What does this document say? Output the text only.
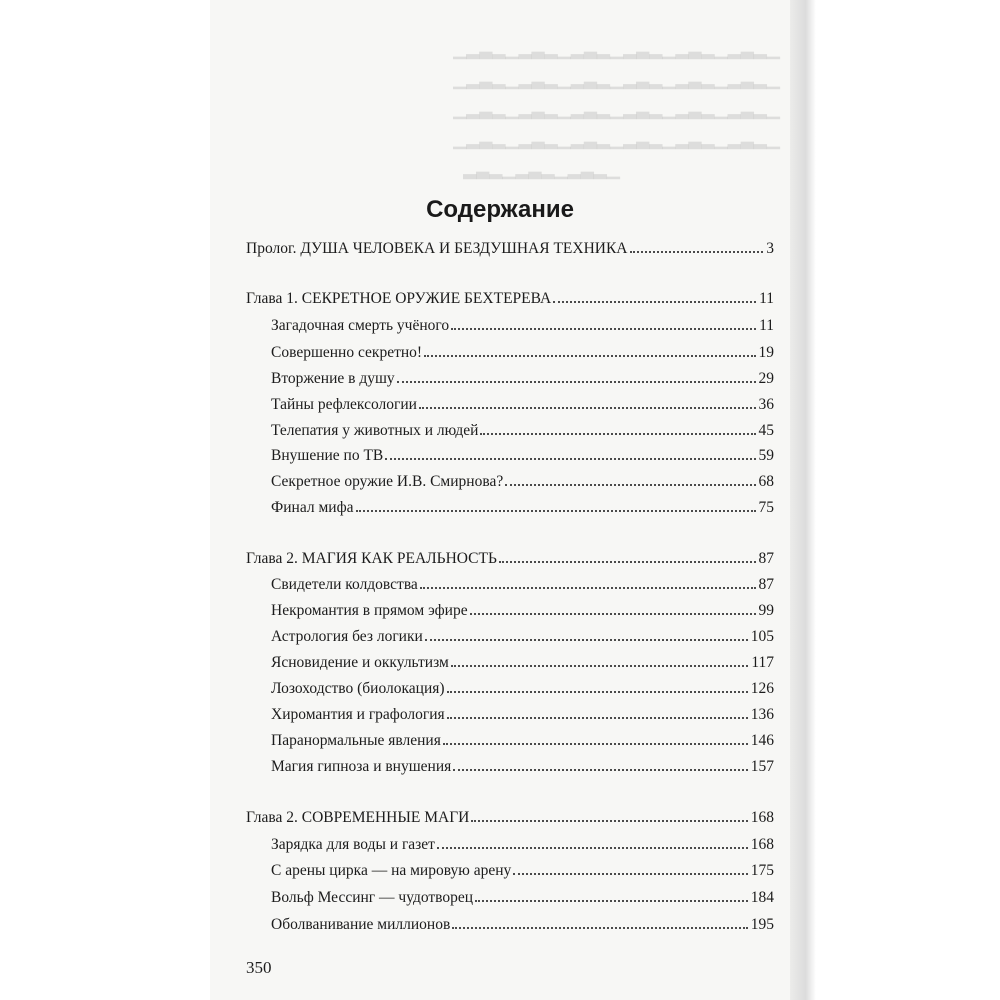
▁▂▃▂▁▂▃▂▁▂▃▂▁▂▃▂▁▂▃▂▁▂▃▂▁
▁▂▃▂▁▂▃▂▁▂▃▂▁▂▃▂▁▂▃▂▁▂▃▂▁
▁▂▃▂▁▂▃▂▁▂▃▂▁▂▃▂▁▂▃▂▁▂▃▂▁
▁▂▃▂▁▂▃▂▁▂▃▂▁▂▃▂▁▂▃▂▁▂▃▂▁
▁▂▃▂▁▂▃▂▁▂▃▂
Содержание
Пролог. ДУША ЧЕЛОВЕКА И БЕЗДУШНАЯ ТЕХНИКА	3
Глава 1. СЕКРЕТНОЕ ОРУЖИЕ БЕХТЕРЕВА	11
Загадочная смерть учёного	11
Совершенно секретно!	19
Вторжение в душу	29
Тайны рефлексологии	36
Телепатия у животных и людей	45
Внушение по ТВ	59
Секретное оружие И.В. Смирнова?	68
Финал мифа	75
Глава 2. МАГИЯ КАК РЕАЛЬНОСТЬ	87
Свидетели колдовства	87
Некромантия в прямом эфире	99
Астрология без логики	105
Ясновидение и оккультизм	117
Лозоходство (биолокация)	126
Хиромантия и графология	136
Паранормальные явления	146
Магия гипноза и внушения	157
Глава 2. СОВРЕМЕННЫЕ МАГИ	168
Зарядка для воды и газет	168
С арены цирка — на мировую арену	175
Вольф Мессинг — чудотворец	184
Оболванивание миллионов	195
350
